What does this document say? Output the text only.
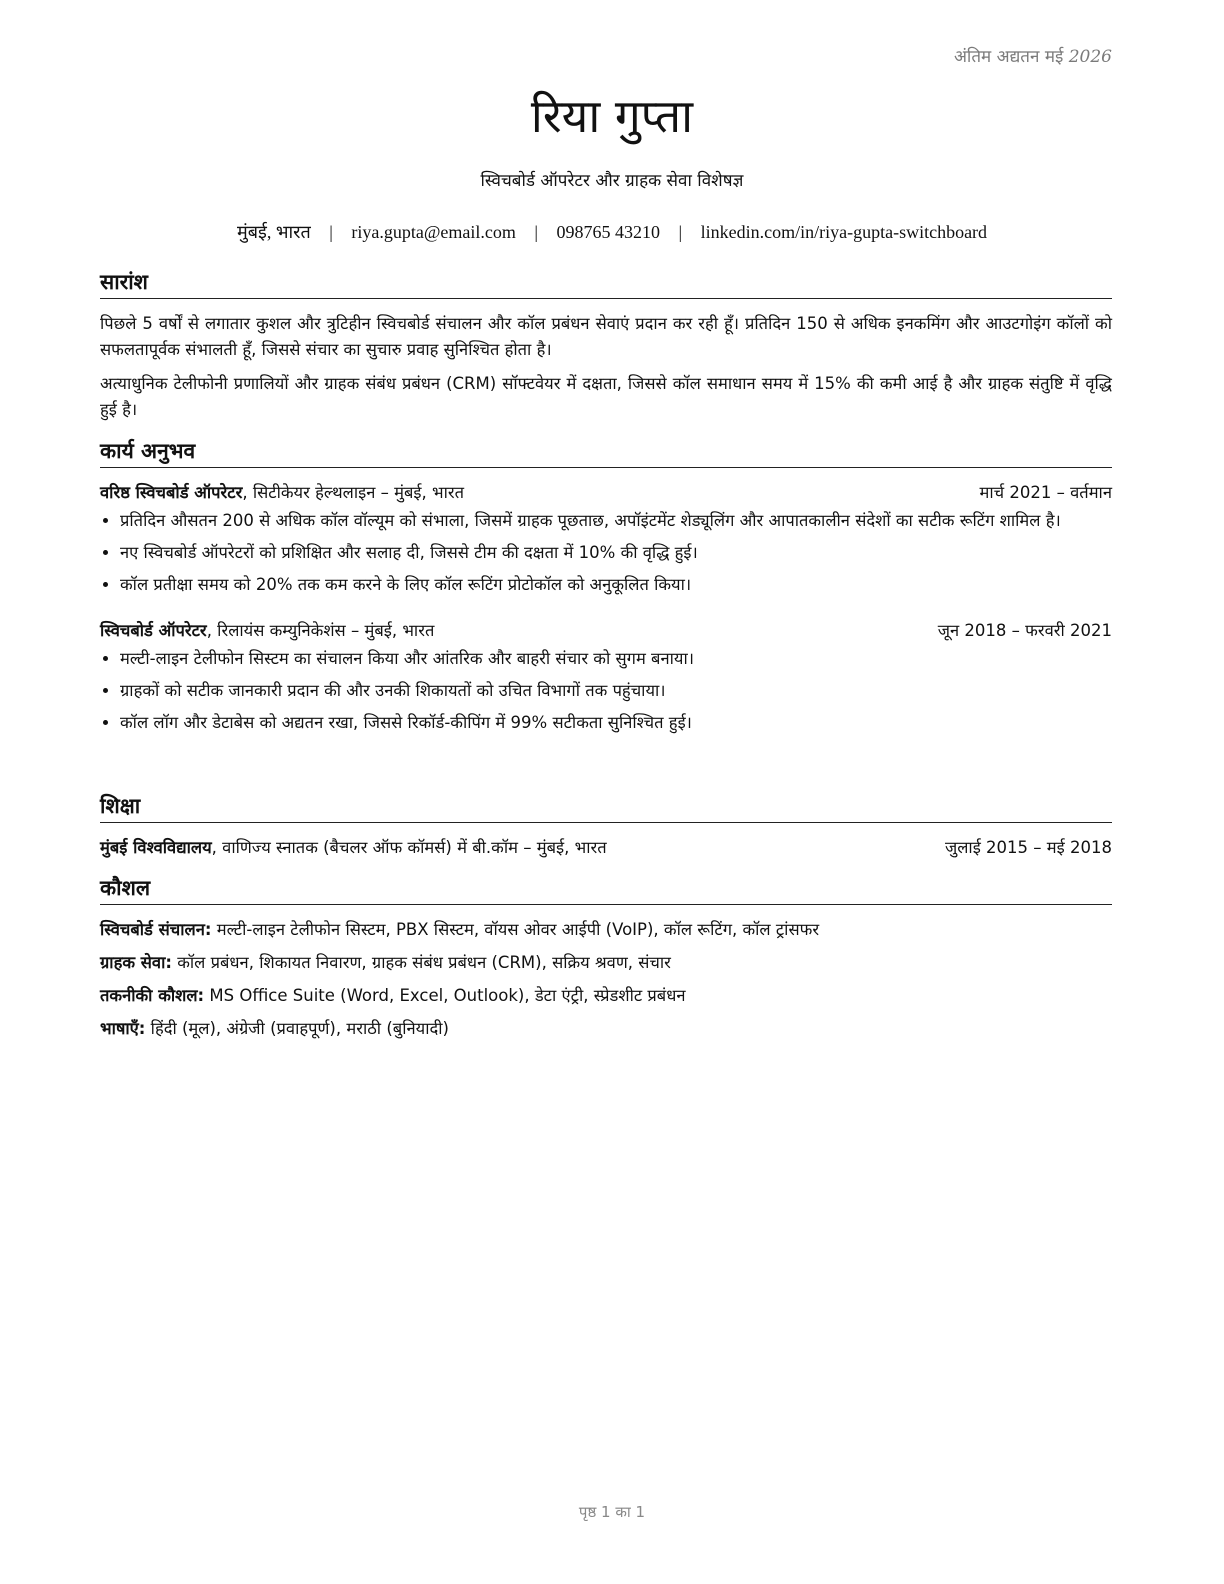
अंतिम अद्यतन मई 2026
रिया गुप्ता
स्विचबोर्ड ऑपरेटर और ग्राहक सेवा विशेषज्ञ
मुंबई, भारत | riya.gupta@email.com | 098765 43210 | linkedin.com/in/riya-gupta-switchboard
सारांश

पिछले 5 वर्षों से लगातार कुशल और त्रुटिहीन स्विचबोर्ड संचालन और कॉल प्रबंधन सेवाएं प्रदान कर रही हूँ। प्रतिदिन 150 से अधिक इनकमिंग और आउटगोइंग कॉलों को सफलतापूर्वक संभालती हूँ, जिससे संचार का सुचारु प्रवाह सुनिश्चित होता है।

अत्याधुनिक टेलीफोनी प्रणालियों और ग्राहक संबंध प्रबंधन (CRM) सॉफ्टवेयर में दक्षता, जिससे कॉल समाधान समय में 15% की कमी आई है और ग्राहक संतुष्टि में वृद्धि हुई है।

कार्य अनुभव
वरिष्ठ स्विचबोर्ड ऑपरेटर, सिटीकेयर हेल्थलाइन – मुंबई, भारत	मार्च 2021 – वर्तमान
• प्रतिदिन औसतन 200 से अधिक कॉल वॉल्यूम को संभाला, जिसमें ग्राहक पूछताछ, अपॉइंटमेंट शेड्यूलिंग और आपातकालीन संदेशों का सटीक रूटिंग शामिल है।
• नए स्विचबोर्ड ऑपरेटरों को प्रशिक्षित और सलाह दी, जिससे टीम की दक्षता में 10% की वृद्धि हुई।
• कॉल प्रतीक्षा समय को 20% तक कम करने के लिए कॉल रूटिंग प्रोटोकॉल को अनुकूलित किया।
स्विचबोर्ड ऑपरेटर, रिलायंस कम्युनिकेशंस – मुंबई, भारत	जून 2018 – फरवरी 2021
• मल्टी-लाइन टेलीफोन सिस्टम का संचालन किया और आंतरिक और बाहरी संचार को सुगम बनाया।
• ग्राहकों को सटीक जानकारी प्रदान की और उनकी शिकायतों को उचित विभागों तक पहुंचाया।
• कॉल लॉग और डेटाबेस को अद्यतन रखा, जिससे रिकॉर्ड-कीपिंग में 99% सटीकता सुनिश्चित हुई।
शिक्षा
मुंबई विश्वविद्यालय, वाणिज्य स्नातक (बैचलर ऑफ कॉमर्स) में बी.कॉम – मुंबई, भारत	जुलाई 2015 – मई 2018
कौशल
स्विचबोर्ड संचालन: मल्टी-लाइन टेलीफोन सिस्टम, PBX सिस्टम, वॉयस ओवर आईपी (VoIP), कॉल रूटिंग, कॉल ट्रांसफर
ग्राहक सेवा: कॉल प्रबंधन, शिकायत निवारण, ग्राहक संबंध प्रबंधन (CRM), सक्रिय श्रवण, संचार
तकनीकी कौशल: MS Office Suite (Word, Excel, Outlook), डेटा एंट्री, स्प्रेडशीट प्रबंधन
भाषाएँ: हिंदी (मूल), अंग्रेजी (प्रवाहपूर्ण), मराठी (बुनियादी)
पृष्ठ 1 का 1
